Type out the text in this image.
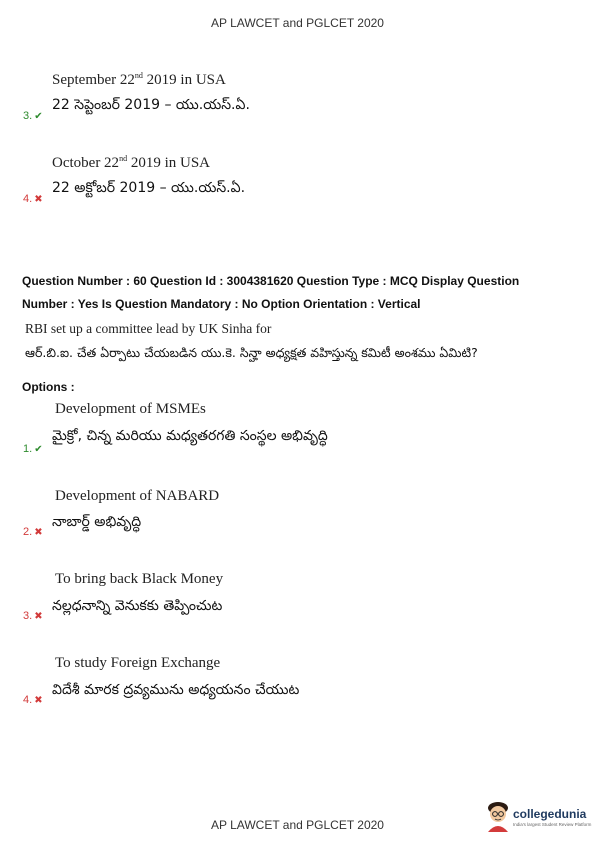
AP LAWCET and PGLCET 2020
September 22nd 2019 in USA
3. ✔
22 సెప్టెంబర్ 2019 – యు.యస్.ఏ.
October 22nd 2019 in USA
4. ✖
22 అక్టోబర్ 2019 – యు.యస్.ఏ.
Question Number : 60 Question Id : 3004381620 Question Type : MCQ Display Question
Number : Yes Is Question Mandatory : No Option Orientation : Vertical
RBI set up a committee lead by UK Sinha for
ఆర్.బి.ఐ. చేత ఏర్పాటు చేయబడిన యు.కె. సిన్హా అధ్యక్షత వహిస్తున్న కమిటీ అంశము ఏమిటి?
Options :
Development of MSMEs
1. ✔
మైక్రో, చిన్న మరియు మధ్యతరగతి సంస్థల అభివృద్ధి
Development of NABARD
2. ✖
నాబార్డ్ అభివృద్ధి
To bring back Black Money
3. ✖
నల్లధనాన్ని వెనుకకు తెప్పించుట
To study Foreign Exchange
4. ✖
విదేశీ మారక ద్రవ్యమును అధ్యయనం చేయుట
collegedunia
India's largest Student Review Platform
AP LAWCET and PGLCET 2020
